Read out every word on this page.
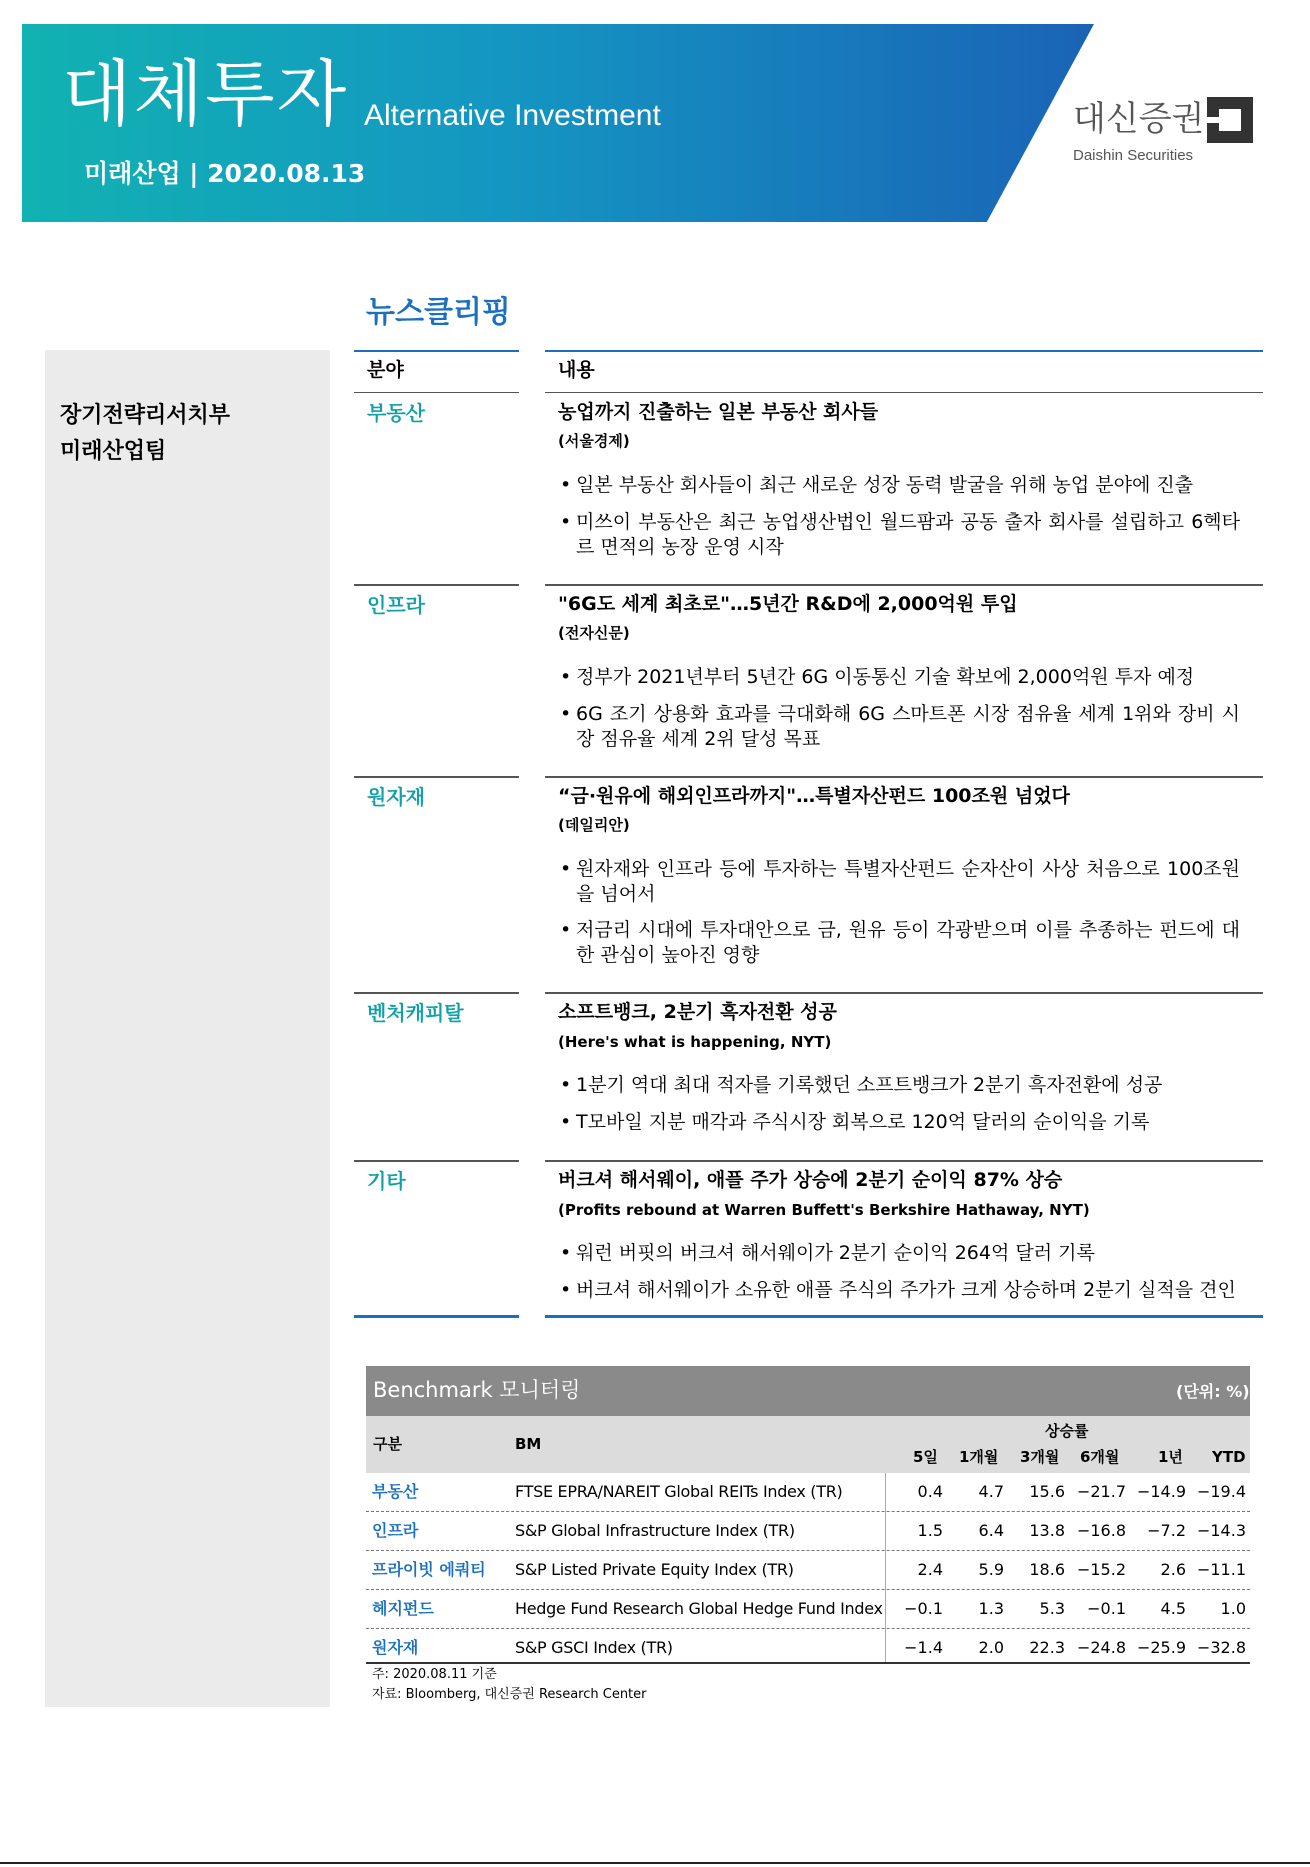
대체투자 Alternative Investment
미래산업 | 2020.08.13
대신증권
Daishin Securities
장기전략리서치부
미래산업팀
뉴스클리핑
분야	내용
부동산	농업까지 진출하는 일본 부동산 회사들
(서울경제)
• 일본 부동산 회사들이 최근 새로운 성장 동력 발굴을 위해 농업 분야에 진출
• 미쓰이 부동산은 최근 농업생산법인 월드팜과 공동 출자 회사를 설립하고 6헥타르 면적의 농장 운영 시작
인프라	"6G도 세계 최초로"…5년간 R&D에 2,000억원 투입
(전자신문)
• 정부가 2021년부터 5년간 6G 이동통신 기술 확보에 2,000억원 투자 예정
• 6G 조기 상용화 효과를 극대화해 6G 스마트폰 시장 점유율 세계 1위와 장비 시장 점유율 세계 2위 달성 목표
원자재	“금·원유에 해외인프라까지"…특별자산펀드 100조원 넘었다
(데일리안)
• 원자재와 인프라 등에 투자하는 특별자산펀드 순자산이 사상 처음으로 100조원을 넘어서
• 저금리 시대에 투자대안으로 금, 원유 등이 각광받으며 이를 추종하는 펀드에 대한 관심이 높아진 영향
벤처캐피탈	소프트뱅크, 2분기 흑자전환 성공
(Here's what is happening, NYT)
• 1분기 역대 최대 적자를 기록했던 소프트뱅크가 2분기 흑자전환에 성공
• T모바일 지분 매각과 주식시장 회복으로 120억 달러의 순이익을 기록
기타	버크셔 해서웨이, 애플 주가 상승에 2분기 순이익 87% 상승
(Profits rebound at Warren Buffett's Berkshire Hathaway, NYT)
• 워런 버핏의 버크셔 해서웨이가 2분기 순이익 264억 달러 기록
• 버크셔 해서웨이가 소유한 애플 주식의 주가가 크게 상승하며 2분기 실적을 견인
Benchmark 모니터링	(단위: %)
구분	BM
상승률
5일 1개월 3개월 6개월	1년 YTD
부동산	FTSE EPRA/NAREIT Global REITs Index (TR)	0.4	4.7	15.6 −21.7 −14.9 −19.4
인프라	S&P Global Infrastructure Index (TR)	1.5	6.4	13.8 −16.8	−7.2 −14.3
프라이빗 에쿼티 S&P Listed Private Equity Index (TR)	2.4	5.9	18.6 −15.2	2.6 −11.1
헤지펀드	Hedge Fund Research Global Hedge Fund Index	−0.1	1.3	5.3	−0.1	4.5	1.0
원자재	S&P GSCI Index (TR)	−1.4	2.0	22.3 −24.8 −25.9 −32.8
주: 2020.08.11 기준
자료: Bloomberg, 대신증권 Research Center
